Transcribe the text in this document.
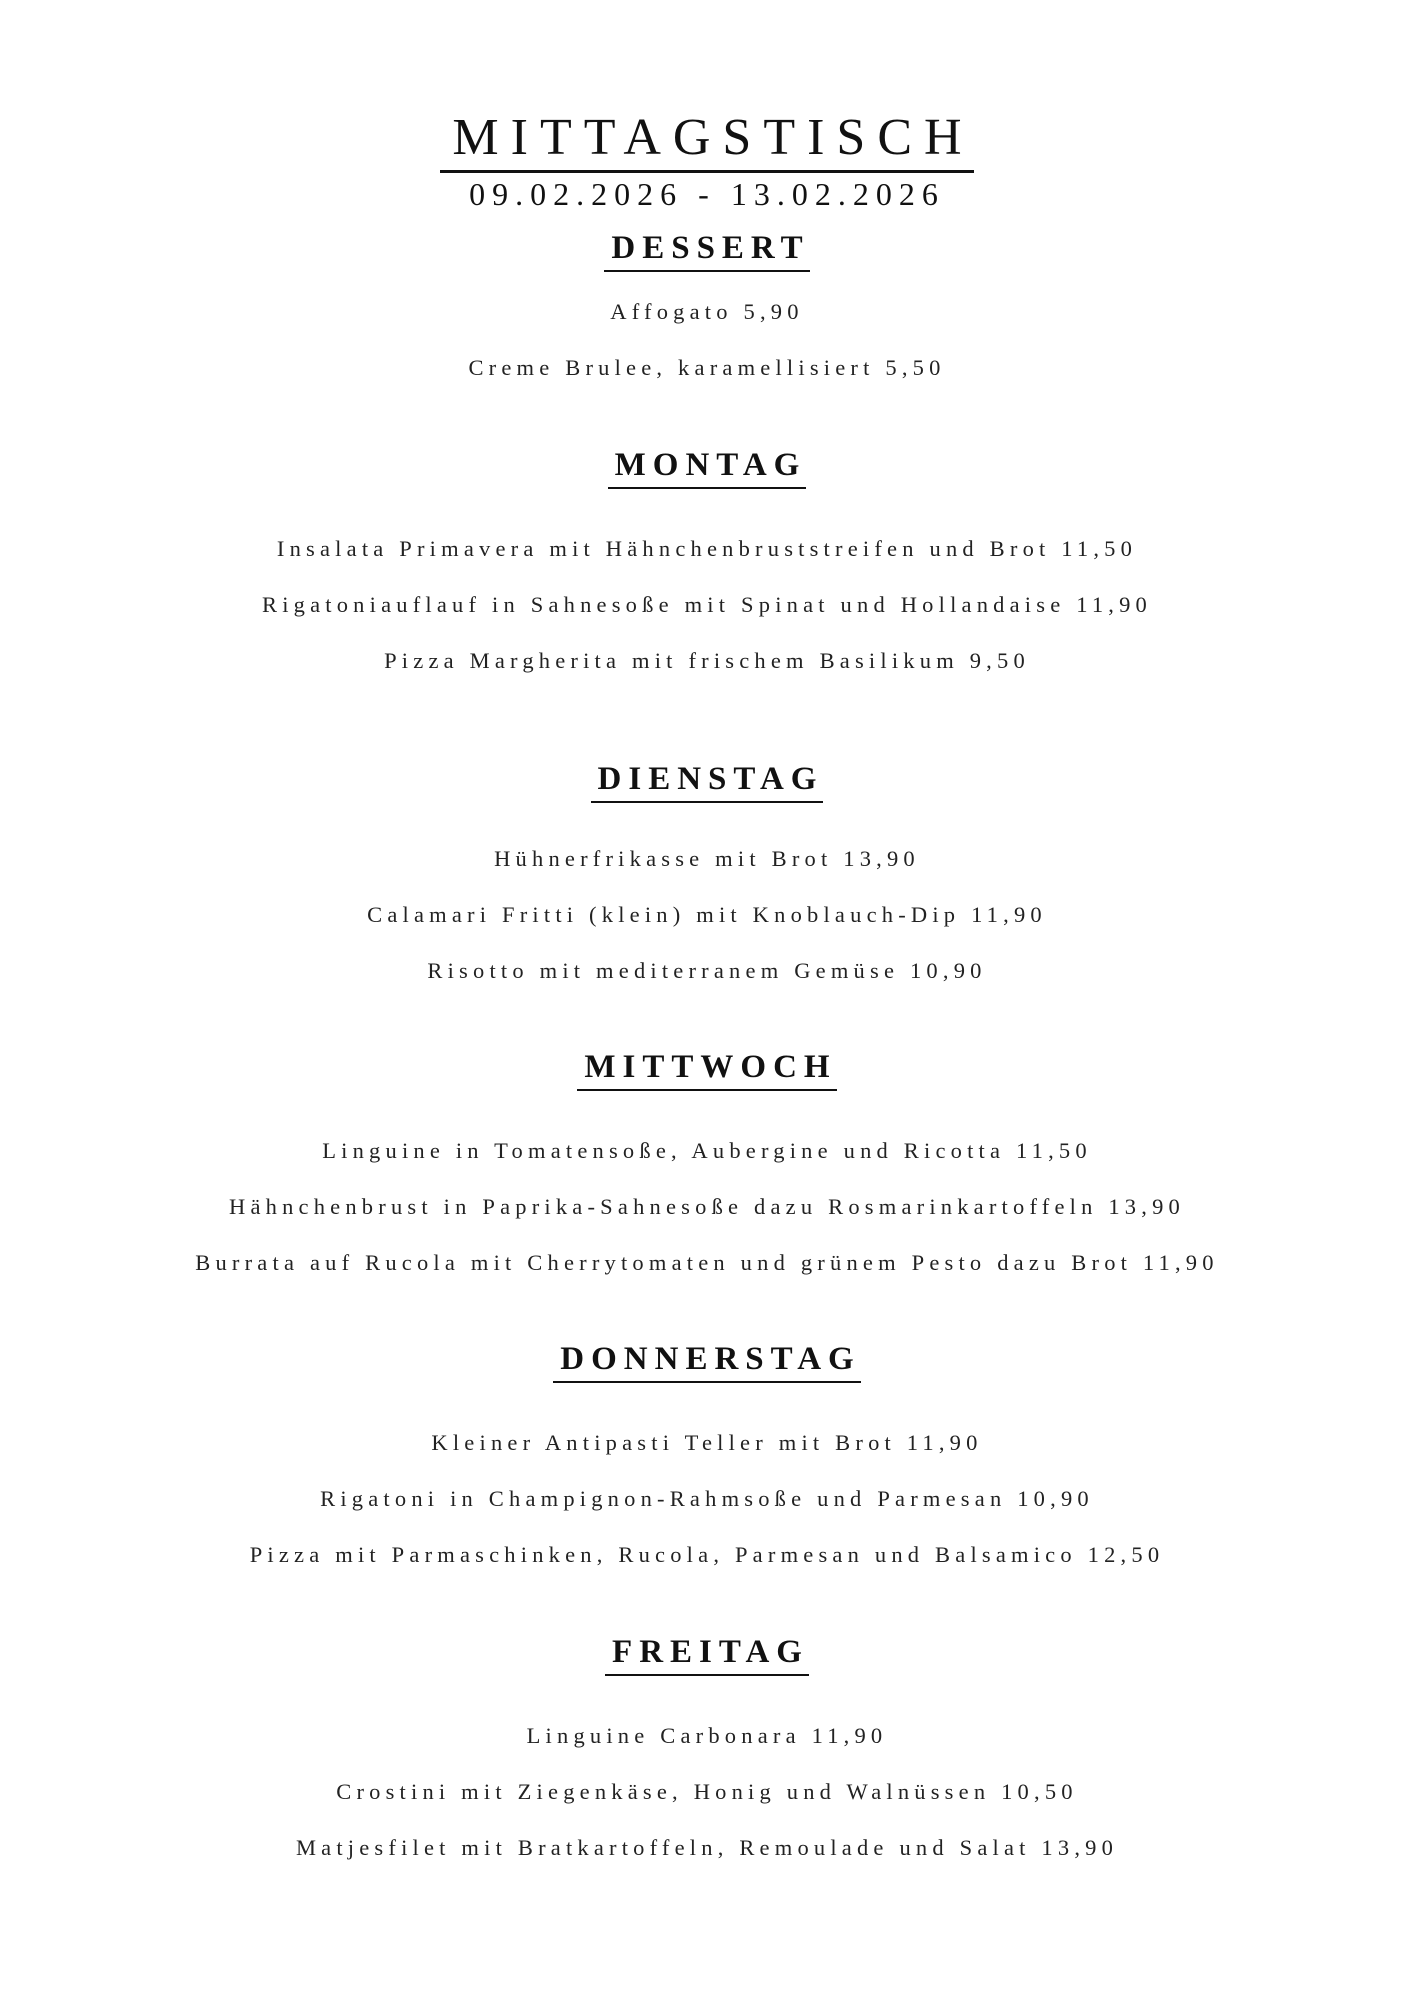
MITTAGSTISCH
09.02.2026 - 13.02.2026
DESSERT
Affogato 5,90
Creme Brulee, karamellisiert 5,50
MONTAG
Insalata Primavera mit Hähnchenbruststreifen und Brot 11,50
Rigatoniauflauf in Sahnesoße mit Spinat und Hollandaise 11,90
Pizza Margherita mit frischem Basilikum 9,50
DIENSTAG
Hühnerfrikasse mit Brot 13,90
Calamari Fritti (klein) mit Knoblauch-Dip 11,90
Risotto mit mediterranem Gemüse 10,90
MITTWOCH
Linguine in Tomatensoße, Aubergine und Ricotta 11,50
Hähnchenbrust in Paprika-Sahnesoße dazu Rosmarinkartoffeln 13,90
Burrata auf Rucola mit Cherrytomaten und grünem Pesto dazu Brot 11,90
DONNERSTAG
Kleiner Antipasti Teller mit Brot 11,90
Rigatoni in Champignon-Rahmsoße und Parmesan 10,90
Pizza mit Parmaschinken, Rucola, Parmesan und Balsamico 12,50
FREITAG
Linguine Carbonara 11,90
Crostini mit Ziegenkäse, Honig und Walnüssen 10,50
Matjesfilet mit Bratkartoffeln, Remoulade und Salat 13,90
